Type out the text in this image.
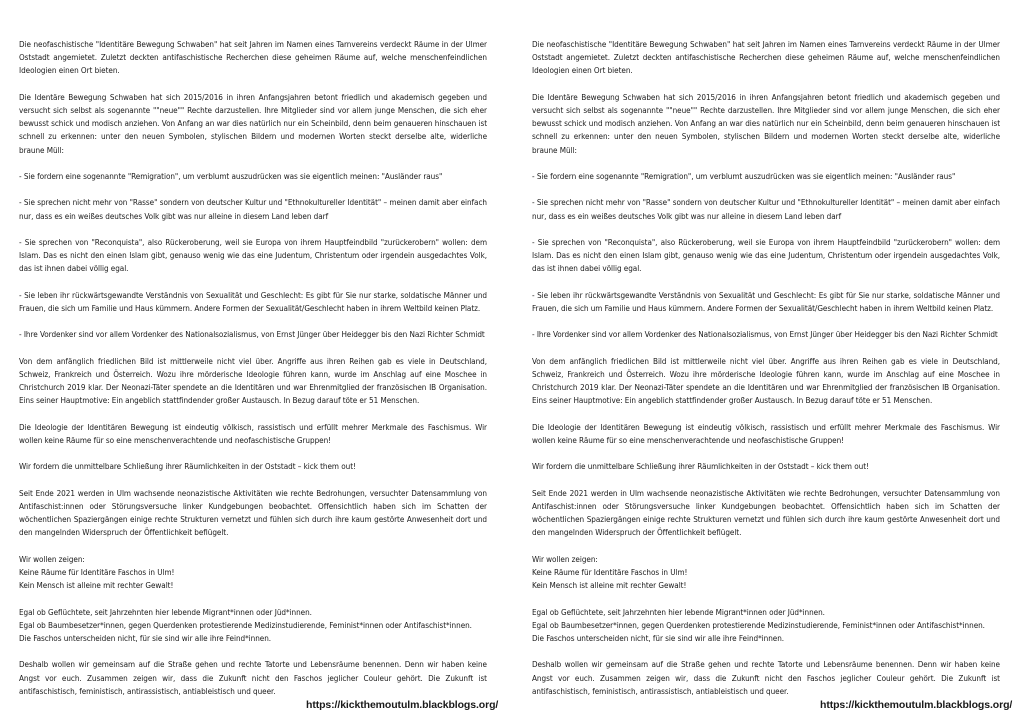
Die neofaschistische "Identitäre Bewegung Schwaben" hat seit Jahren im Namen eines Tarnvereins verdeckt Räume in der Ulmer Oststadt angemietet. Zuletzt deckten antifaschistische Recherchen diese geheimen Räume auf, welche menschenfeindlichen Ideologien einen Ort bieten.

Die Identäre Bewegung Schwaben hat sich 2015/2016 in ihren Anfangsjahren betont friedlich und akademisch gegeben und versucht sich selbst als sogenannte ""neue"" Rechte darzustellen. Ihre Mitglieder sind vor allem junge Menschen, die sich eher bewusst schick und modisch anziehen. Von Anfang an war dies natürlich nur ein Scheinbild, denn beim genaueren hinschauen ist schnell zu erkennen: unter den neuen Symbolen, stylischen Bildern und modernen Worten steckt derselbe alte, widerliche braune Müll:

- Sie fordern eine sogenannte "Remigration", um verblumt auszudrücken was sie eigentlich meinen: "Ausländer raus"

- Sie sprechen nicht mehr von "Rasse" sondern von deutscher Kultur und "Ethnokultureller Identität" – meinen damit aber einfach nur, dass es ein weißes deutsches Volk gibt was nur alleine in diesem Land leben darf

- Sie sprechen von "Reconquista", also Rückeroberung, weil sie Europa von ihrem Hauptfeindbild "zurückerobern" wollen: dem Islam. Das es nicht den einen Islam gibt, genauso wenig wie das eine Judentum, Christentum oder irgendein ausgedachtes Volk, das ist ihnen dabei völlig egal.

- Sie leben ihr rückwärtsgewandte Verständnis von Sexualität und Geschlecht: Es gibt für Sie nur starke, soldatische Männer und Frauen, die sich um Familie und Haus kümmern. Andere Formen der Sexualität/Geschlecht haben in ihrem Weltbild keinen Platz.

- Ihre Vordenker sind vor allem Vordenker des Nationalsozialismus, von Ernst Jünger über Heidegger bis den Nazi Richter Schmidt

Von dem anfänglich friedlichen Bild ist mittlerweile nicht viel über. Angriffe aus ihren Reihen gab es viele in Deutschland, Schweiz, Frankreich und Österreich. Wozu ihre mörderische Ideologie führen kann, wurde im Anschlag auf eine Moschee in Christchurch 2019 klar. Der Neonazi-Täter spendete an die Identitären und war Ehrenmitglied der französischen IB Organisation. Eins seiner Hauptmotive: Ein angeblich stattfindender großer Austausch. In Bezug darauf töte er 51 Menschen.

Die Ideologie der Identitären Bewegung ist eindeutig völkisch, rassistisch und erfüllt mehrer Merkmale des Faschismus. Wir wollen keine Räume für so eine menschenverachtende und neofaschistische Gruppen!

Wir fordern die unmittelbare Schließung ihrer Räumlichkeiten in der Oststadt – kick them out!

Seit Ende 2021 werden in Ulm wachsende neonazistische Aktivitäten wie rechte Bedrohungen, versuchter Datensammlung von Antifaschist:innen oder Störungsversuche linker Kundgebungen beobachtet. Offensichtlich haben sich im Schatten der wöchentlichen Spaziergängen einige rechte Strukturen vernetzt und fühlen sich durch ihre kaum gestörte Anwesenheit dort und den mangelnden Widerspruch der Öffentlichkeit beflügelt.

Wir wollen zeigen:
Keine Räume für Identitäre Faschos in Ulm!
Kein Mensch ist alleine mit rechter Gewalt!

Egal ob Geflüchtete, seit Jahrzehnten hier lebende Migrant*innen oder Jüd*innen.
Egal ob Baumbesetzer*innen, gegen Querdenken protestierende Medizinstudierende, Feminist*innen oder Antifaschist*innen.
Die Faschos unterscheiden nicht, für sie sind wir alle ihre Feind*innen.

Deshalb wollen wir gemeinsam auf die Straße gehen und rechte Tatorte und Lebensräume benennen. Denn wir haben keine Angst vor euch. Zusammen zeigen wir, dass die Zukunft nicht den Faschos jeglicher Couleur gehört. Die Zukunft ist antifaschistisch, feministisch, antirassistisch, antiableistisch und queer.

Die neofaschistische "Identitäre Bewegung Schwaben" hat seit Jahren im Namen eines Tarnvereins verdeckt Räume in der Ulmer Oststadt angemietet. Zuletzt deckten antifaschistische Recherchen diese geheimen Räume auf, welche menschenfeindlichen Ideologien einen Ort bieten.

Die Identäre Bewegung Schwaben hat sich 2015/2016 in ihren Anfangsjahren betont friedlich und akademisch gegeben und versucht sich selbst als sogenannte ""neue"" Rechte darzustellen. Ihre Mitglieder sind vor allem junge Menschen, die sich eher bewusst schick und modisch anziehen. Von Anfang an war dies natürlich nur ein Scheinbild, denn beim genaueren hinschauen ist schnell zu erkennen: unter den neuen Symbolen, stylischen Bildern und modernen Worten steckt derselbe alte, widerliche braune Müll:

- Sie fordern eine sogenannte "Remigration", um verblumt auszudrücken was sie eigentlich meinen: "Ausländer raus"

- Sie sprechen nicht mehr von "Rasse" sondern von deutscher Kultur und "Ethnokultureller Identität" – meinen damit aber einfach nur, dass es ein weißes deutsches Volk gibt was nur alleine in diesem Land leben darf

- Sie sprechen von "Reconquista", also Rückeroberung, weil sie Europa von ihrem Hauptfeindbild "zurückerobern" wollen: dem Islam. Das es nicht den einen Islam gibt, genauso wenig wie das eine Judentum, Christentum oder irgendein ausgedachtes Volk, das ist ihnen dabei völlig egal.

- Sie leben ihr rückwärtsgewandte Verständnis von Sexualität und Geschlecht: Es gibt für Sie nur starke, soldatische Männer und Frauen, die sich um Familie und Haus kümmern. Andere Formen der Sexualität/Geschlecht haben in ihrem Weltbild keinen Platz.

- Ihre Vordenker sind vor allem Vordenker des Nationalsozialismus, von Ernst Jünger über Heidegger bis den Nazi Richter Schmidt

Von dem anfänglich friedlichen Bild ist mittlerweile nicht viel über. Angriffe aus ihren Reihen gab es viele in Deutschland, Schweiz, Frankreich und Österreich. Wozu ihre mörderische Ideologie führen kann, wurde im Anschlag auf eine Moschee in Christchurch 2019 klar. Der Neonazi-Täter spendete an die Identitären und war Ehrenmitglied der französischen IB Organisation. Eins seiner Hauptmotive: Ein angeblich stattfindender großer Austausch. In Bezug darauf töte er 51 Menschen.

Die Ideologie der Identitären Bewegung ist eindeutig völkisch, rassistisch und erfüllt mehrer Merkmale des Faschismus. Wir wollen keine Räume für so eine menschenverachtende und neofaschistische Gruppen!

Wir fordern die unmittelbare Schließung ihrer Räumlichkeiten in der Oststadt – kick them out!

Seit Ende 2021 werden in Ulm wachsende neonazistische Aktivitäten wie rechte Bedrohungen, versuchter Datensammlung von Antifaschist:innen oder Störungsversuche linker Kundgebungen beobachtet. Offensichtlich haben sich im Schatten der wöchentlichen Spaziergängen einige rechte Strukturen vernetzt und fühlen sich durch ihre kaum gestörte Anwesenheit dort und den mangelnden Widerspruch der Öffentlichkeit beflügelt.

Wir wollen zeigen:
Keine Räume für Identitäre Faschos in Ulm!
Kein Mensch ist alleine mit rechter Gewalt!

Egal ob Geflüchtete, seit Jahrzehnten hier lebende Migrant*innen oder Jüd*innen.
Egal ob Baumbesetzer*innen, gegen Querdenken protestierende Medizinstudierende, Feminist*innen oder Antifaschist*innen.
Die Faschos unterscheiden nicht, für sie sind wir alle ihre Feind*innen.

Deshalb wollen wir gemeinsam auf die Straße gehen und rechte Tatorte und Lebensräume benennen. Denn wir haben keine Angst vor euch. Zusammen zeigen wir, dass die Zukunft nicht den Faschos jeglicher Couleur gehört. Die Zukunft ist antifaschistisch, feministisch, antirassistisch, antiableistisch und queer.

https://kickthemoutulm.blackblogs.org/	https://kickthemoutulm.blackblogs.org/
